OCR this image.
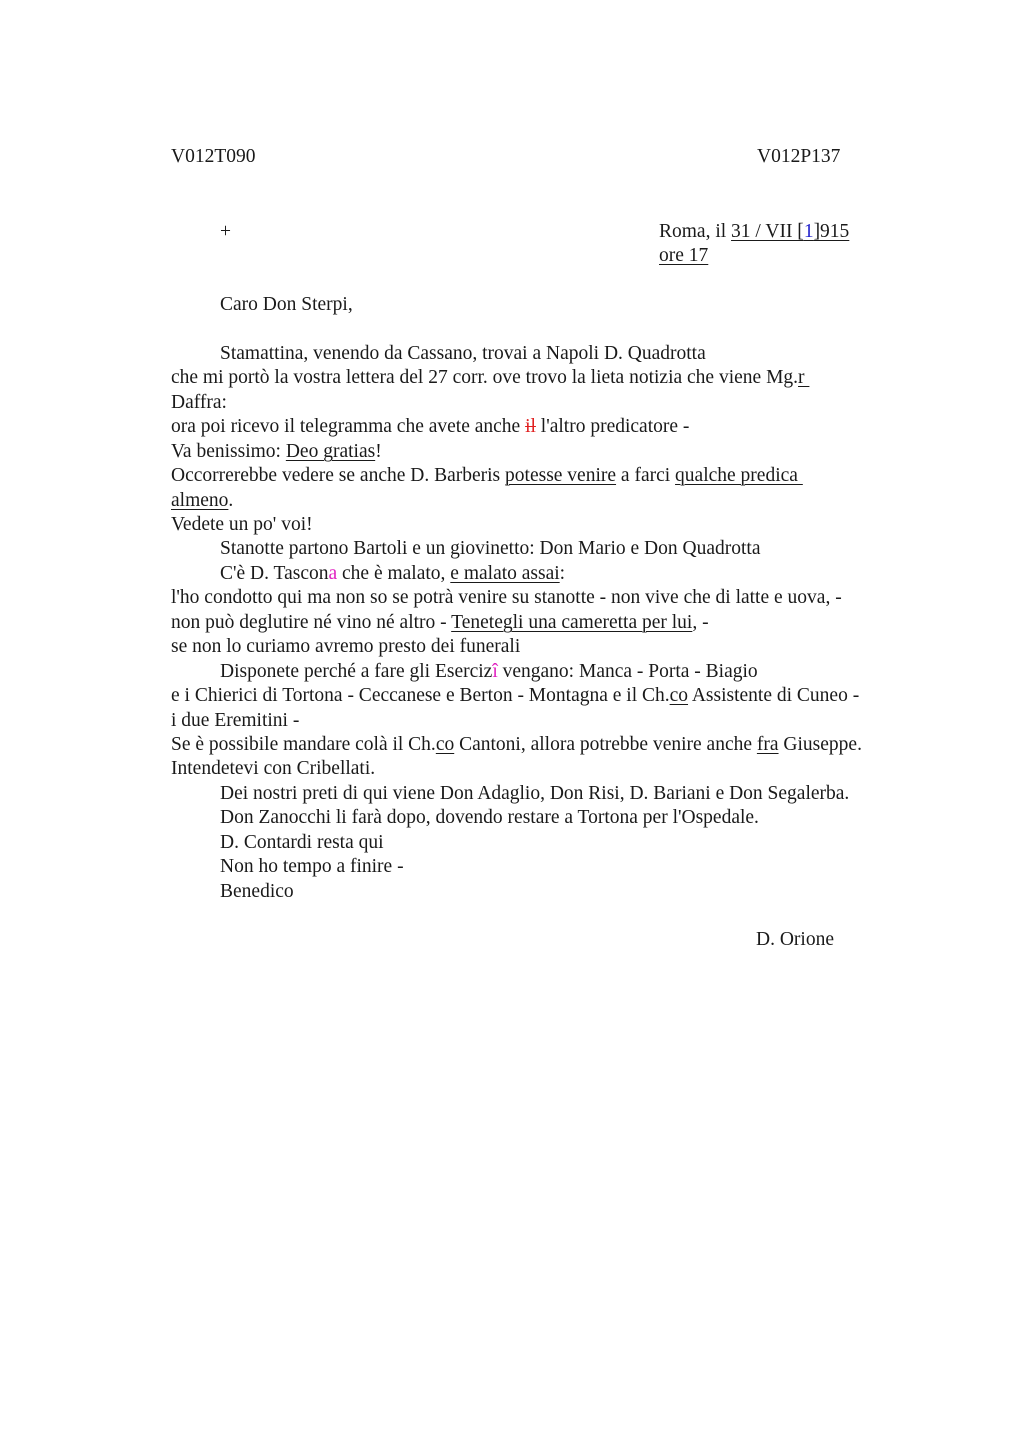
V012T090	V012P137
+	Roma, il 31 / VII [1]915
ore 17
Caro Don Sterpi,
Stamattina, venendo da Cassano, trovai a Napoli D. Quadrotta
che mi portò la vostra lettera del 27 corr. ove trovo la lieta notizia che viene Mg.r
Daffra:
ora poi ricevo il telegramma che avete anche il l'altro predicatore -
Va benissimo: Deo gratias!
Occorrerebbe vedere se anche D. Barberis potesse venire a farci qualche predica
almeno.
Vedete un po' voi!
Stanotte partono Bartoli e un giovinetto: Don Mario e Don Quadrotta
C'è D. Tascona che è malato, e malato assai:
l'ho condotto qui ma non so se potrà venire su stanotte - non vive che di latte e uova, -
non può deglutire né vino né altro - Tenetegli una cameretta per lui, -
se non lo curiamo avremo presto dei funerali
Disponete perché a fare gli Esercizî vengano: Manca - Porta - Biagio
e i Chierici di Tortona - Ceccanese e Berton - Montagna e il Ch.co Assistente di Cuneo -
i due Eremitini -
Se è possibile mandare colà il Ch.co Cantoni, allora potrebbe venire anche fra Giuseppe.
Intendetevi con Cribellati.
Dei nostri preti di qui viene Don Adaglio, Don Risi, D. Bariani e Don Segalerba.
Don Zanocchi li farà dopo, dovendo restare a Tortona per l'Ospedale.
D. Contardi resta qui
Non ho tempo a finire -
Benedico
D. Orione
